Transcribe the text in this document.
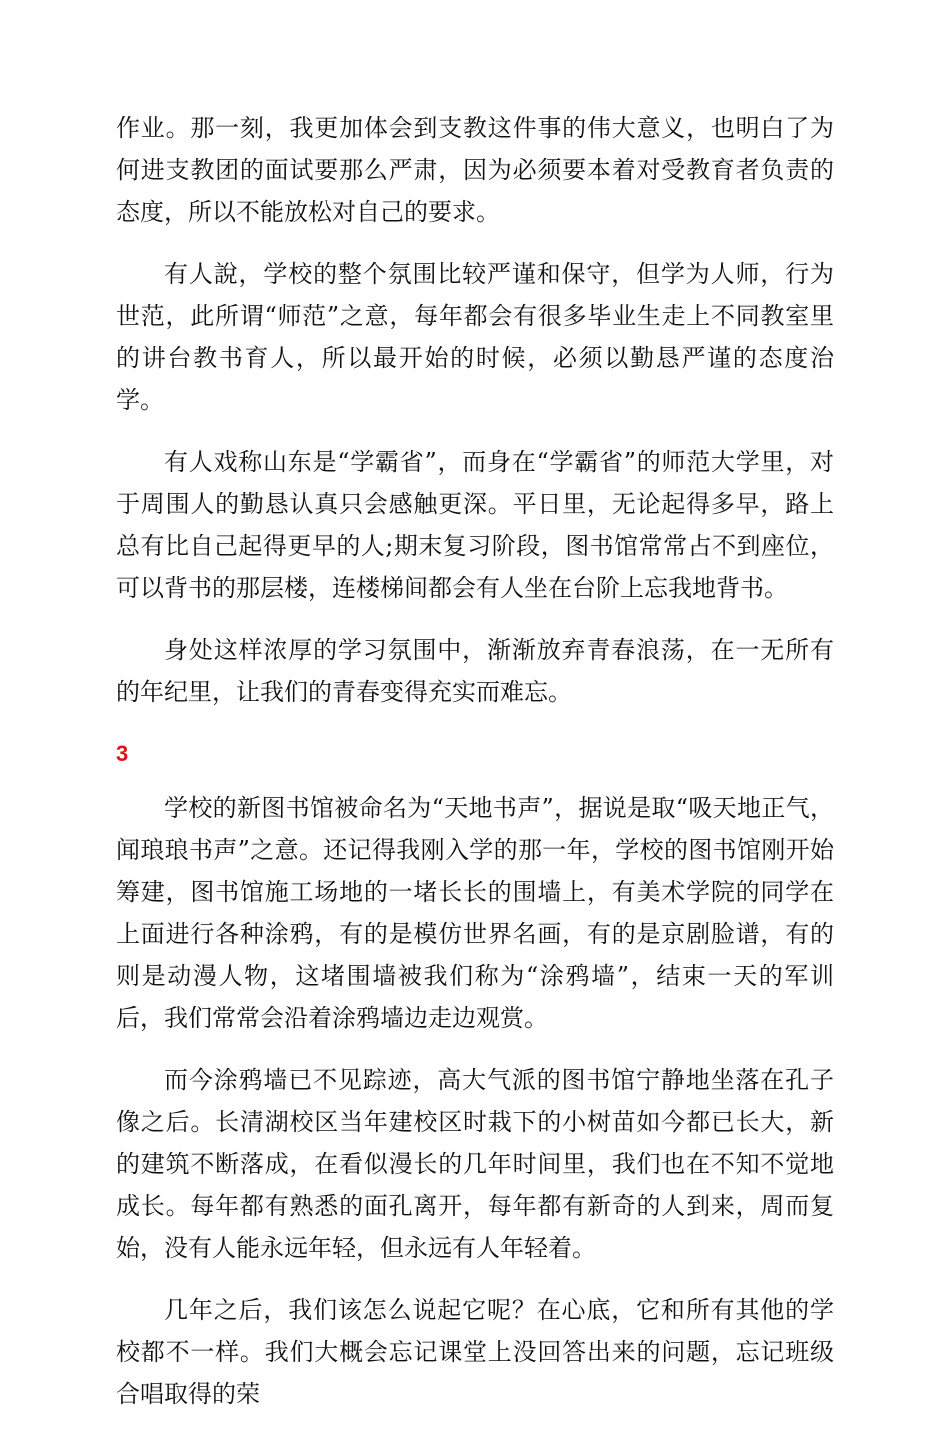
作业。那一刻，我更加体会到支教这件事的伟大意义，也明白了为何进支教团的面试要那么严肃，因为必须要本着对受教育者负责的态度，所以不能放松对自己的要求。

有人說，学校的整个氛围比较严谨和保守，但学为人师，行为世范，此所谓“师范”之意，每年都会有很多毕业生走上不同教室里的讲台教书育人，所以最开始的时候，必须以勤恳严谨的态度治学。

有人戏称山东是“学霸省”，而身在“学霸省”的师范大学里，对于周围人的勤恳认真只会感触更深。平日里，无论起得多早，路上总有比自己起得更早的人;期末复习阶段，图书馆常常占不到座位，可以背书的那层楼，连楼梯间都会有人坐在台阶上忘我地背书。

身处这样浓厚的学习氛围中，渐渐放弃青春浪荡，在一无所有的年纪里，让我们的青春变得充实而难忘。

3

学校的新图书馆被命名为“天地书声”，据说是取“吸天地正气，闻琅琅书声”之意。还记得我刚入学的那一年，学校的图书馆刚开始筹建，图书馆施工场地的一堵长长的围墙上，有美术学院的同学在上面进行各种涂鸦，有的是模仿世界名画，有的是京剧脸谱，有的则是动漫人物，这堵围墙被我们称为“涂鸦墙”，结束一天的军训后，我们常常会沿着涂鸦墙边走边观赏。

而今涂鸦墙已不见踪迹，高大气派的图书馆宁静地坐落在孔子像之后。长清湖校区当年建校区时栽下的小树苗如今都已长大，新的建筑不断落成，在看似漫长的几年时间里，我们也在不知不觉地成长。每年都有熟悉的面孔离开，每年都有新奇的人到来，周而复始，没有人能永远年轻，但永远有人年轻着。

几年之后，我们该怎么说起它呢？在心底，它和所有其他的学校都不一样。我们大概会忘记课堂上没回答出来的问题，忘记班级合唱取得的荣
